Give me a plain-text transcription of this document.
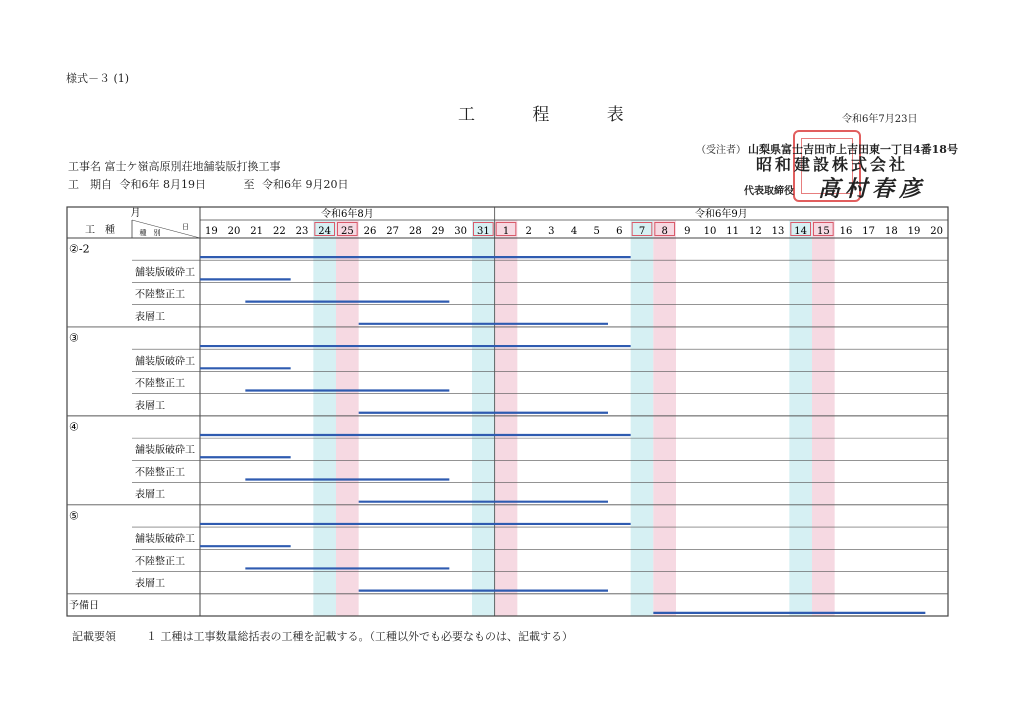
様式－３ (1)
工 程 表	令和6年7月23日
（受注者） 山梨県富士吉田市上吉田東一丁目4番18号
昭和建設株式会社
代表取締役 高村春彦
工事名 富士ケ嶺高原別荘地舗装版打換工事
工　期自 令和6年 8月19日	至 令和6年 9月20日
月
日
工　種	種　別
令和6年8月	令和6年9月
19 20 21 22 23 24 25 26 27 28 29 30 31 1 2 3 4 5 6 7 8 9 10 11 12 13 14 15 16 17 18 19 20
②-2
舗装版破砕工
不陸整正工
表層工
③
舗装版破砕工
不陸整正工
表層工
④
舗装版破砕工
不陸整正工
表層工
⑤
舗装版破砕工
不陸整正工
表層工
予備日
記載要領	１ 工種は工事数量総括表の工種を記載する。（工種以外でも必要なものは、記載する）
